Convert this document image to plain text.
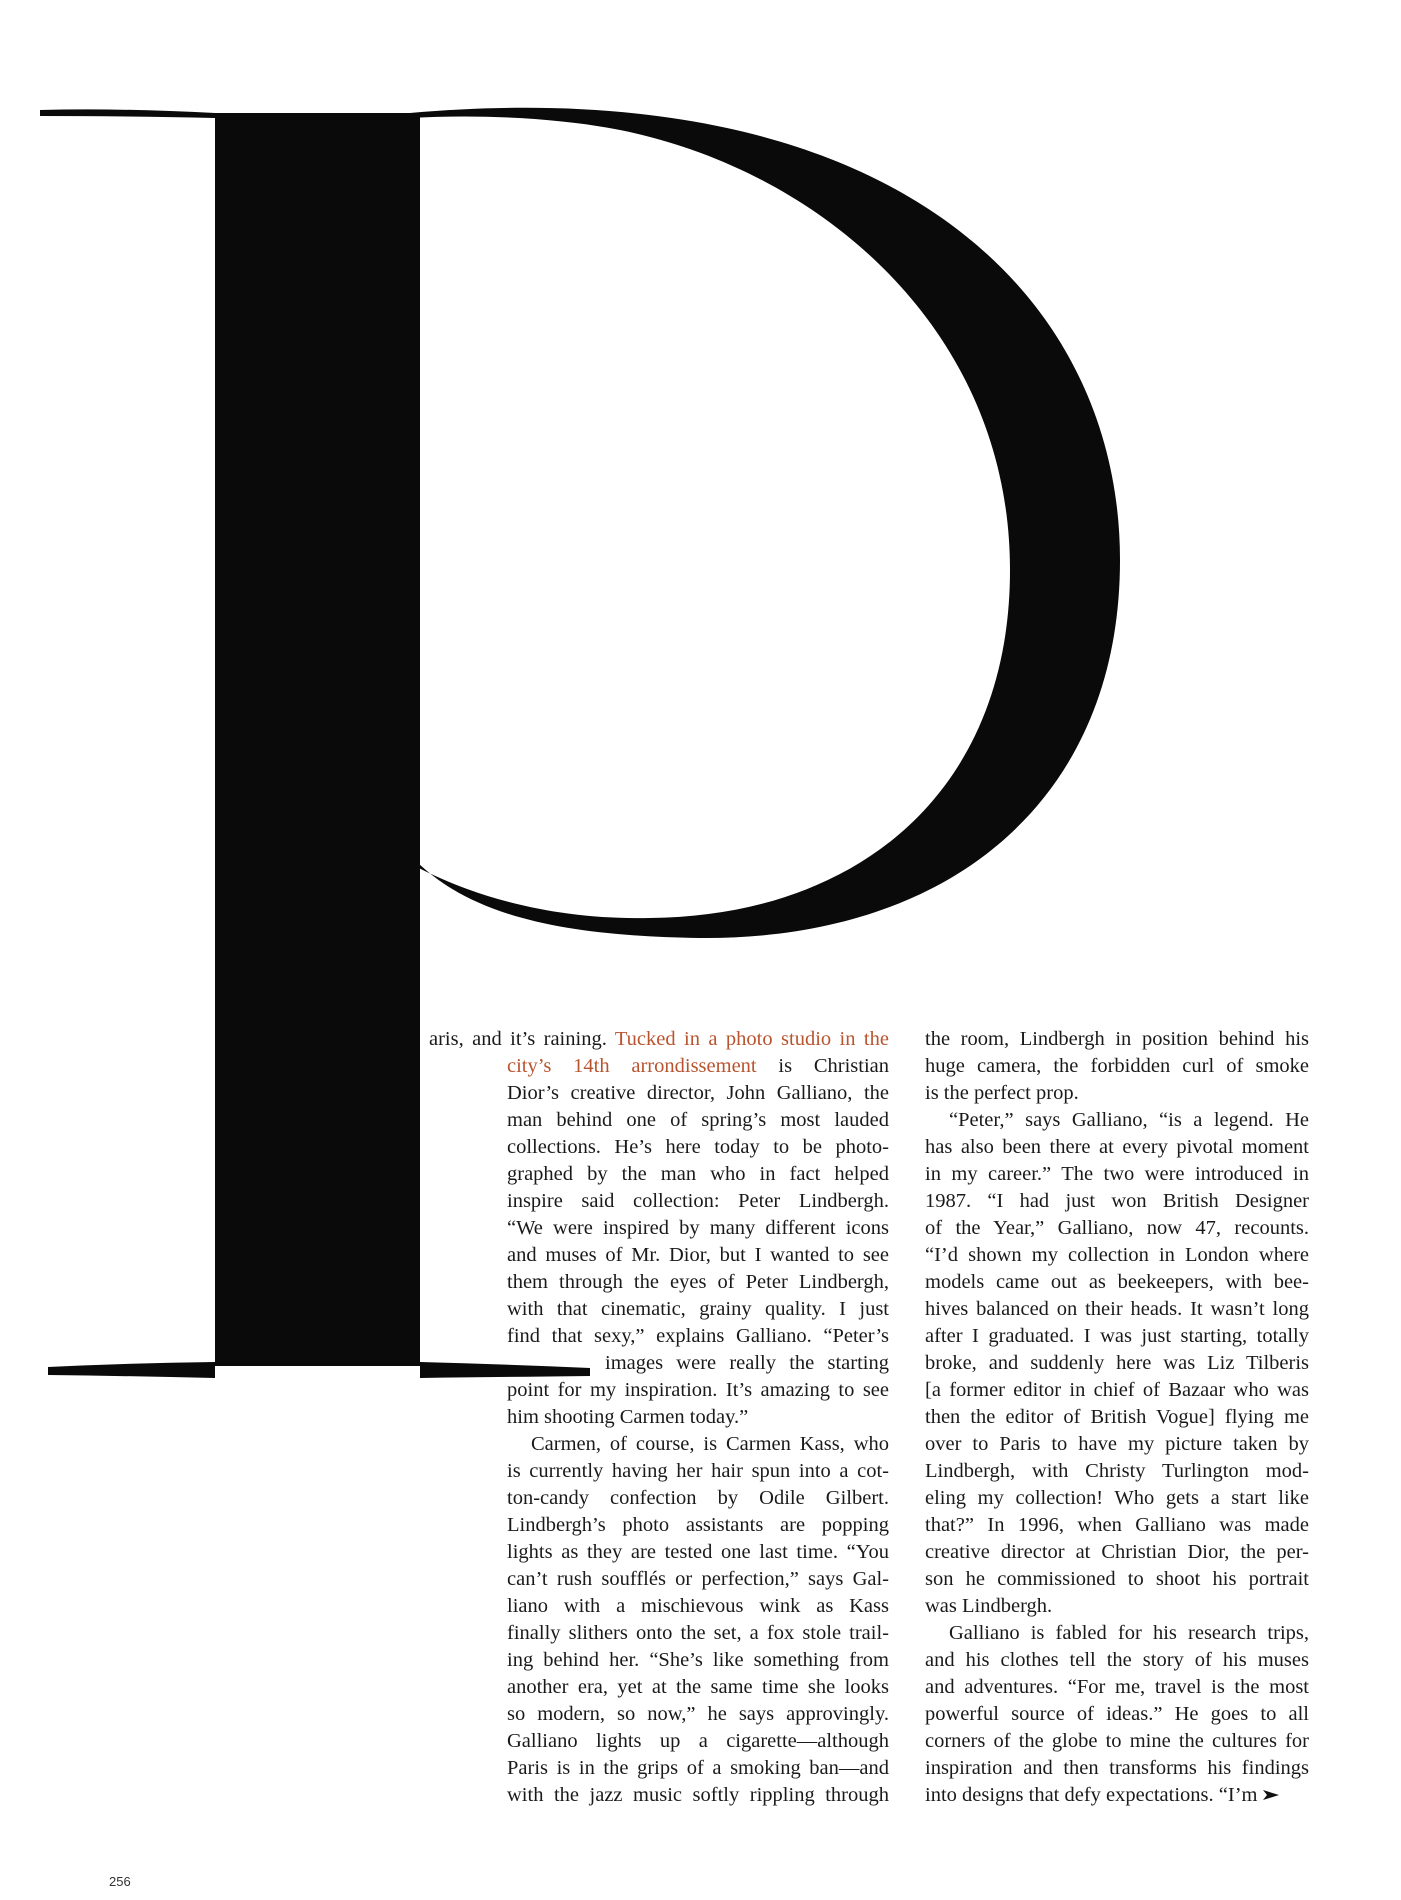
aris, and it’s raining. Tucked in a photo studio in the
city’s 14th arrondissement is Christian
Dior’s creative director, John Galliano, the
man behind one of spring’s most lauded
collections. He’s here today to be photo-
graphed by the man who in fact helped
inspire said collection: Peter Lindbergh.
“We were inspired by many different icons
and muses of Mr. Dior, but I wanted to see
them through the eyes of Peter Lindbergh,
with that cinematic, grainy quality. I just
find that sexy,” explains Galliano. “Peter’s
images were really the starting
point for my inspiration. It’s amazing to see
him shooting Carmen today.”

Carmen, of course, is Carmen Kass, who
is currently having her hair spun into a cot-
ton-candy confection by Odile Gilbert.
Lindbergh’s photo assistants are popping
lights as they are tested one last time. “You
can’t rush soufflés or perfection,” says Gal-
liano with a mischievous wink as Kass
finally slithers onto the set, a fox stole trail-
ing behind her. “She’s like something from
another era, yet at the same time she looks
so modern, so now,” he says approvingly.
Galliano lights up a cigarette—although
Paris is in the grips of a smoking ban—and
with the jazz music softly rippling through

the room, Lindbergh in position behind his
huge camera, the forbidden curl of smoke
is the perfect prop.

“Peter,” says Galliano, “is a legend. He
has also been there at every pivotal moment
in my career.” The two were introduced in
1987. “I had just won British Designer
of the Year,” Galliano, now 47, recounts.
“I’d shown my collection in London where
models came out as beekeepers, with bee-
hives balanced on their heads. It wasn’t long
after I graduated. I was just starting, totally
broke, and suddenly here was Liz Tilberis
[a former editor in chief of Bazaar who was
then the editor of British Vogue] flying me
over to Paris to have my picture taken by
Lindbergh, with Christy Turlington mod-
eling my collection! Who gets a start like
that?” In 1996, when Galliano was made
creative director at Christian Dior, the per-
son he commissioned to shoot his portrait
was Lindbergh.

Galliano is fabled for his research trips,
and his clothes tell the story of his muses
and adventures. “For me, travel is the most
powerful source of ideas.” He goes to all
corners of the globe to mine the cultures for
inspiration and then transforms his findings
into designs that defy expectations. “I’m

256
